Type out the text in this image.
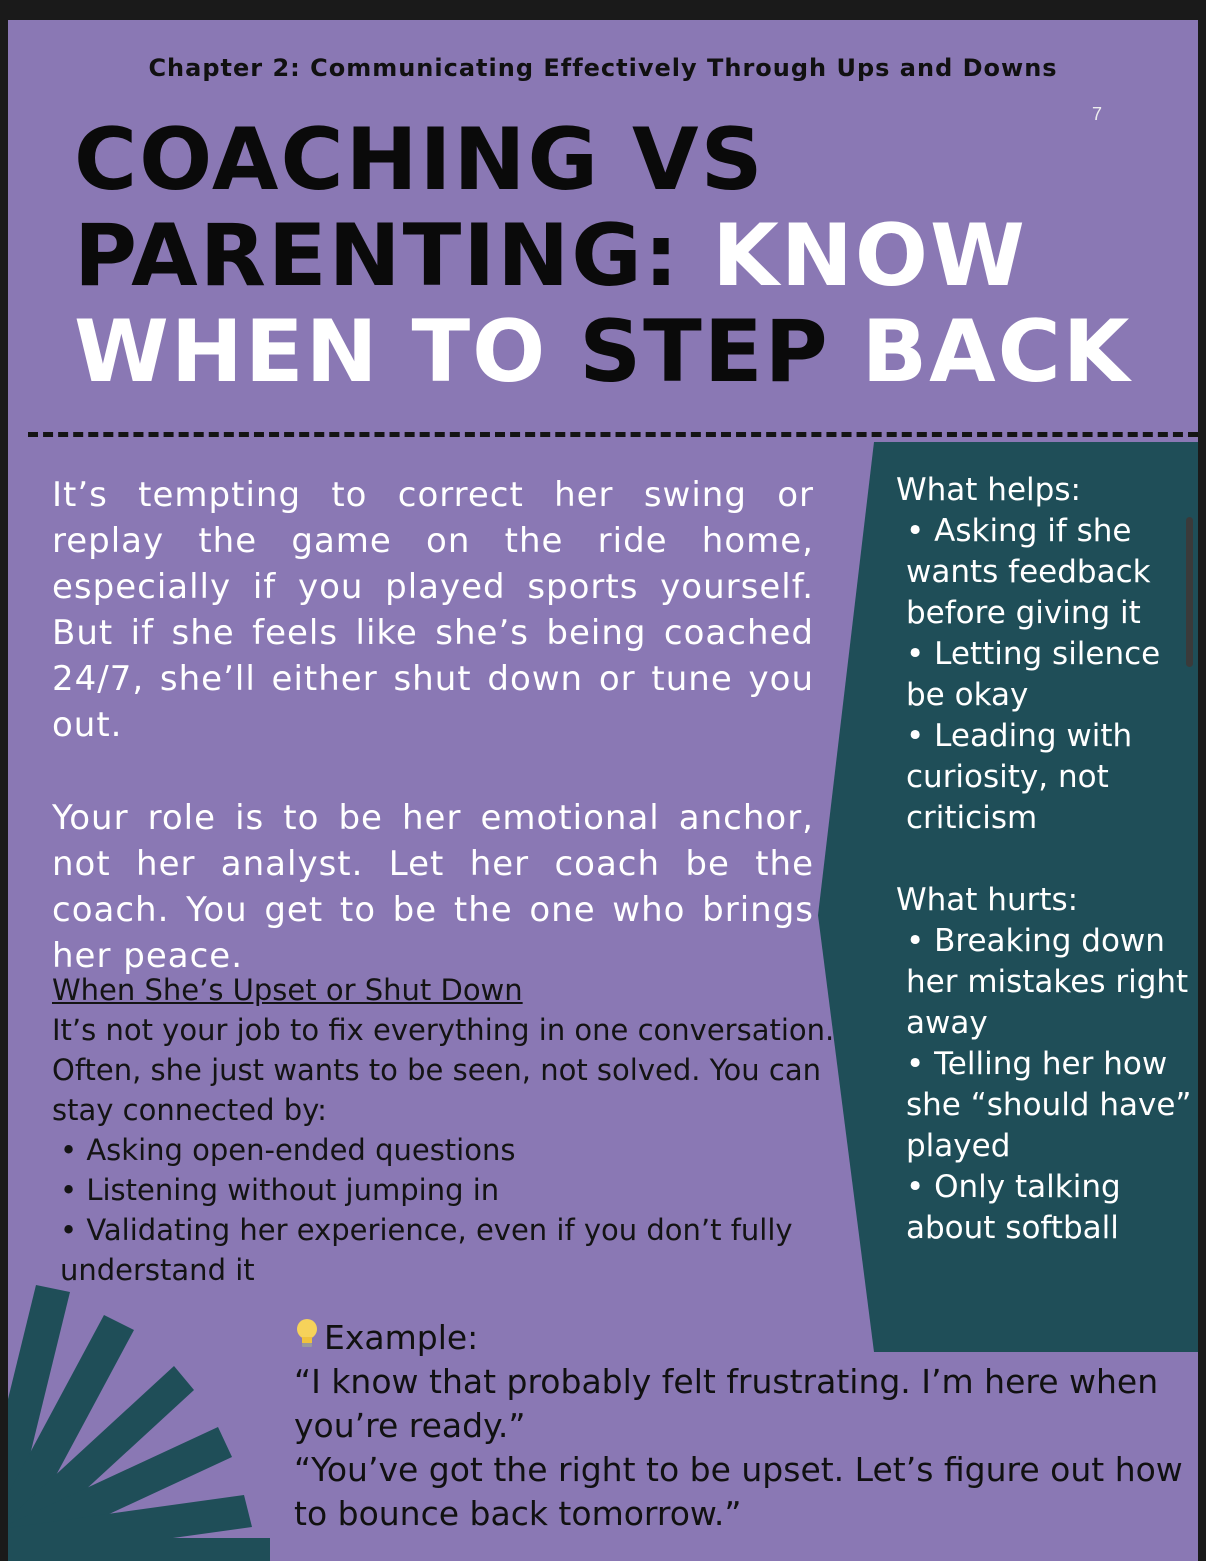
Chapter 2: Communicating Effectively Through Ups and Downs
7
COACHING VS
PARENTING: KNOW
WHEN TO STEP BACK

It’s tempting to correct her swing or replay the game on the ride home, especially if you played sports yourself. But if she feels like she’s being coached 24/7, she’ll either shut down or tune you out.

Your role is to be her emotional anchor, not her analyst. Let her coach be the coach. You get to be the one who brings her peace.

When She’s Upset or Shut Down
It’s not your job to fix everything in one conversation. Often, she just wants to be seen, not solved. You can stay connected by:
• Asking open-ended questions
• Listening without jumping in
• Validating her experience, even if you don’t fully understand it
What helps:
• Asking if she wants feedback before giving it
• Letting silence be okay
• Leading with curiosity, not criticism
What hurts:
• Breaking down her mistakes right away
• Telling her how she “should have” played
• Only talking about softball
Example:
“I know that probably felt frustrating. I’m here when you’re ready.”
“You’ve got the right to be upset. Let’s figure out how to bounce back tomorrow.”
